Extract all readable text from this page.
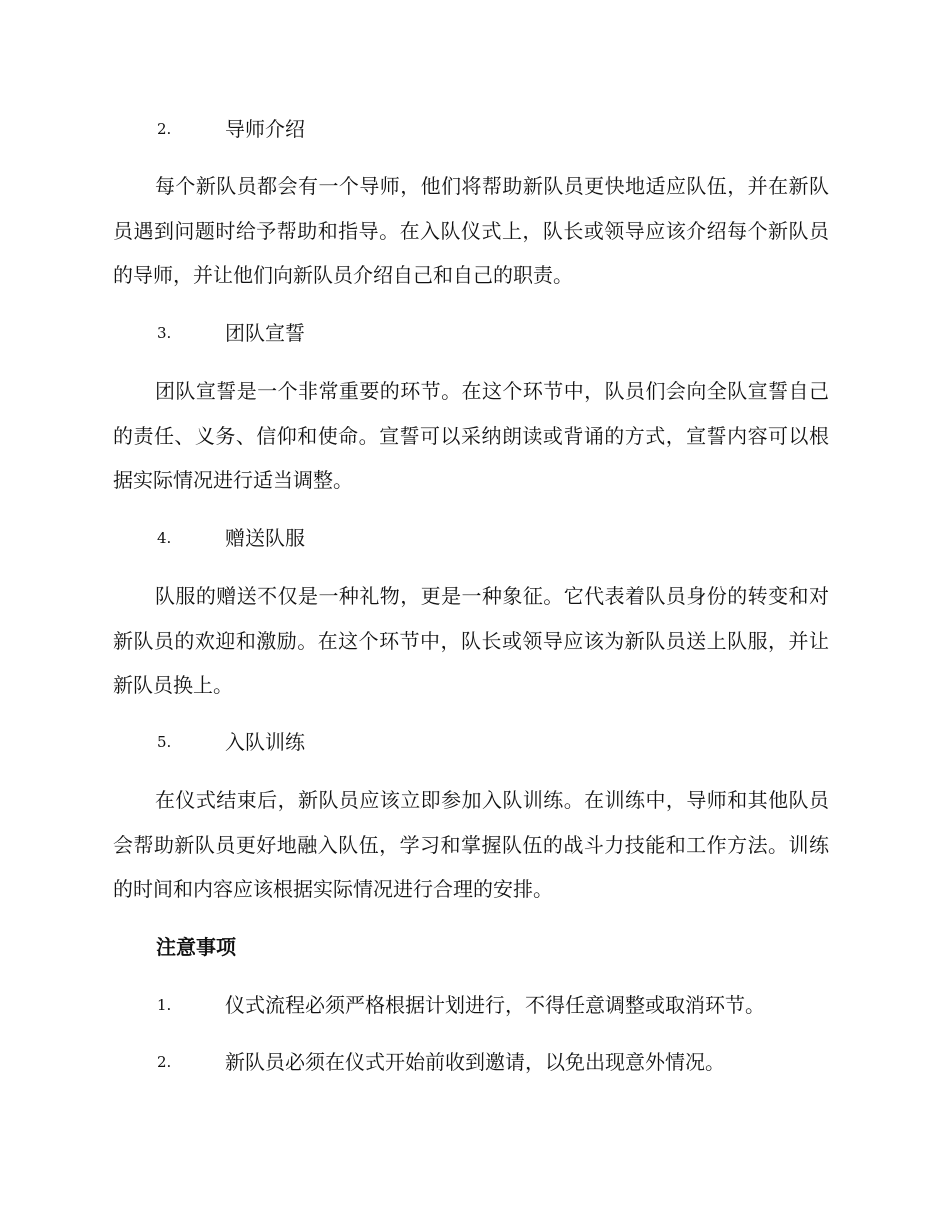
2.	导师介绍

每个新队员都会有一个导师，他们将帮助新队员更快地适应队伍，并在新队员遇到问题时给予帮助和指导。在入队仪式上，队长或领导应该介绍每个新队员的导师，并让他们向新队员介绍自己和自己的职责。

3.	团队宣誓

团队宣誓是一个非常重要的环节。在这个环节中，队员们会向全队宣誓自己的责任、义务、信仰和使命。宣誓可以采纳朗读或背诵的方式，宣誓内容可以根据实际情况进行适当调整。

4.	赠送队服

队服的赠送不仅是一种礼物，更是一种象征。它代表着队员身份的转变和对新队员的欢迎和激励。在这个环节中，队长或领导应该为新队员送上队服，并让新队员换上。

5.	入队训练

在仪式结束后，新队员应该立即参加入队训练。在训练中，导师和其他队员会帮助新队员更好地融入队伍，学习和掌握队伍的战斗力技能和工作方法。训练的时间和内容应该根据实际情况进行合理的安排。

注意事项
1.	仪式流程必须严格根据计划进行，不得任意调整或取消环节。
2.	新队员必须在仪式开始前收到邀请，以免出现意外情况。
